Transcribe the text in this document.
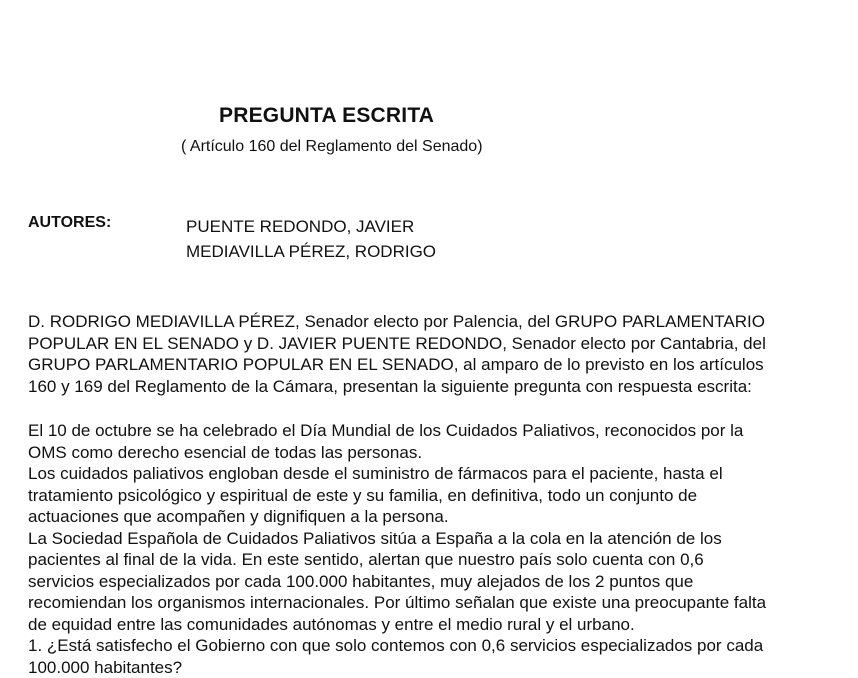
PREGUNTA ESCRITA
( Artículo 160 del Reglamento del Senado)
AUTORES:	PUENTE REDONDO, JAVIER
MEDIAVILLA PÉREZ, RODRIGO
D. RODRIGO MEDIAVILLA PÉREZ, Senador electo por Palencia, del GRUPO PARLAMENTARIO
POPULAR EN EL SENADO y D. JAVIER PUENTE REDONDO, Senador electo por Cantabria, del
GRUPO PARLAMENTARIO POPULAR EN EL SENADO, al amparo de lo previsto en los artículos
160 y 169 del Reglamento de la Cámara, presentan la siguiente pregunta con respuesta escrita:
El 10 de octubre se ha celebrado el Día Mundial de los Cuidados Paliativos, reconocidos por la
OMS como derecho esencial de todas las personas.
Los cuidados paliativos engloban desde el suministro de fármacos para el paciente, hasta el
tratamiento psicológico y espiritual de este y su familia, en definitiva, todo un conjunto de
actuaciones que acompañen y dignifiquen a la persona.
La Sociedad Española de Cuidados Paliativos sitúa a España a la cola en la atención de los
pacientes al final de la vida. En este sentido, alertan que nuestro país solo cuenta con 0,6
servicios especializados por cada 100.000 habitantes, muy alejados de los 2 puntos que
recomiendan los organismos internacionales. Por último señalan que existe una preocupante falta
de equidad entre las comunidades autónomas y entre el medio rural y el urbano.
1. ¿Está satisfecho el Gobierno con que solo contemos con 0,6 servicios especializados por cada
100.000 habitantes?
